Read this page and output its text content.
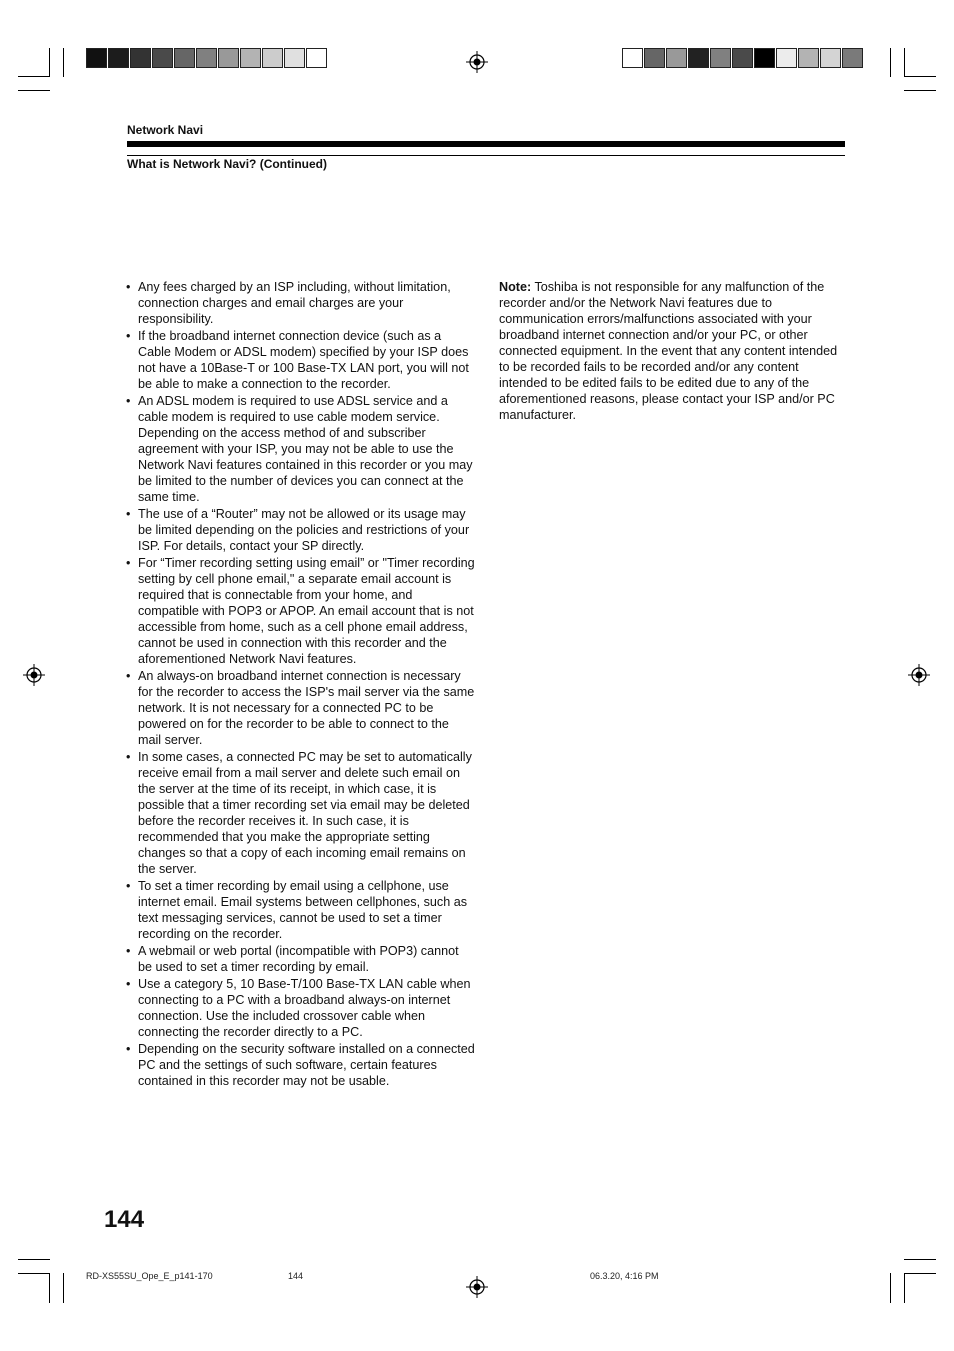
Network Navi
What is Network Navi? (Continued)
• Any fees charged by an ISP including, without limitation, connection charges and email charges are your responsibility.
• If the broadband internet connection device (such as a Cable Modem or ADSL modem) specified by your ISP does not have a 10Base-T or 100 Base-TX LAN port, you will not be able to make a connection to the recorder.
• An ADSL modem is required to use ADSL service and a cable modem is required to use cable modem service. Depending on the access method of and subscriber agreement with your ISP, you may not be able to use the Network Navi features contained in this recorder or you may be limited to the number of devices you can connect at the same time.
• The use of a “Router” may not be allowed or its usage may be limited depending on the policies and restrictions of your ISP. For details, contact your SP directly.
• For “Timer recording setting using email” or "Timer recording setting by cell phone email," a separate email account is required that is connectable from your home, and compatible with POP3 or APOP. An email account that is not accessible from home, such as a cell phone email address, cannot be used in connection with this recorder and the aforementioned Network Navi features.
• An always-on broadband internet connection is necessary for the recorder to access the ISP's mail server via the same network. It is not necessary for a connected PC to be powered on for the recorder to be able to connect to the mail server.
• In some cases, a connected PC may be set to automatically receive email from a mail server and delete such email on the server at the time of its receipt, in which case, it is possible that a timer recording set via email may be deleted before the recorder receives it. In such case, it is recommended that you make the appropriate setting changes so that a copy of each incoming email remains on the server.
• To set a timer recording by email using a cellphone, use internet email. Email systems between cellphones, such as text messaging services, cannot be used to set a timer recording on the recorder.
• A webmail or web portal (incompatible with POP3) cannot be used to set a timer recording by email.
• Use a category 5, 10 Base-T/100 Base-TX LAN cable when connecting to a PC with a broadband always-on internet connection. Use the included crossover cable when connecting the recorder directly to a PC.
• Depending on the security software installed on a connected PC and the settings of such software, certain features contained in this recorder may not be usable.
Note: Toshiba is not responsible for any malfunction of the recorder and/or the Network Navi features due to communication errors/malfunctions associated with your broadband internet connection and/or your PC, or other connected equipment. In the event that any content intended to be recorded fails to be recorded and/or any content intended to be edited fails to be edited due to any of the aforementioned reasons, please contact your ISP and/or PC manufacturer.
144
RD-XS55SU_Ope_E_p141-170	144	06.3.20, 4:16 PM
